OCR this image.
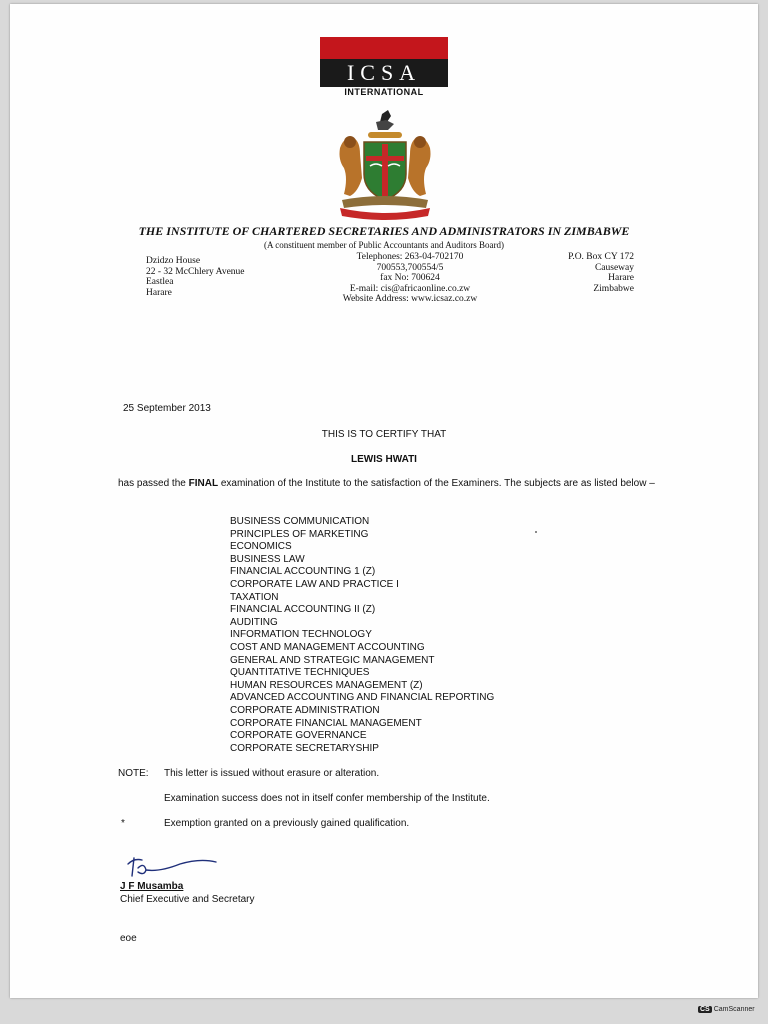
ICSA
INTERNATIONAL
THE INSTITUTE OF CHARTERED SECRETARIES AND ADMINISTRATORS IN ZIMBABWE
(A constituent member of Public Accountants and Auditors Board)
Dzidzo House
22 - 32 McChlery Avenue
Eastlea
Harare
Telephones: 263-04-702170
700553,700554/5
fax No: 700624
E-mail: cis@africaonline.co.zw
Website Address: www.icsaz.co.zw
P.O. Box CY 172
Causeway
Harare
Zimbabwe
25 September 2013
THIS IS TO CERTIFY THAT
LEWIS HWATI
has passed the FINAL examination of the Institute to the satisfaction of the Examiners. The subjects are as listed below –
BUSINESS COMMUNICATION
PRINCIPLES OF MARKETING
ECONOMICS
BUSINESS LAW
FINANCIAL ACCOUNTING 1 (Z)
CORPORATE LAW AND PRACTICE I
TAXATION
FINANCIAL ACCOUNTING II (Z)
AUDITING
INFORMATION TECHNOLOGY
COST AND MANAGEMENT ACCOUNTING
GENERAL AND STRATEGIC MANAGEMENT
QUANTITATIVE TECHNIQUES
HUMAN RESOURCES MANAGEMENT (Z)
ADVANCED ACCOUNTING AND FINANCIAL REPORTING
CORPORATE ADMINISTRATION
CORPORATE FINANCIAL MANAGEMENT
CORPORATE GOVERNANCE
CORPORATE SECRETARYSHIP
NOTE: This letter is issued without erasure or alteration.
Examination success does not in itself confer membership of the Institute.
*	Exemption granted on a previously gained qualification.
J F Musamba
Chief Executive and Secretary
eoe
CS CamScanner
